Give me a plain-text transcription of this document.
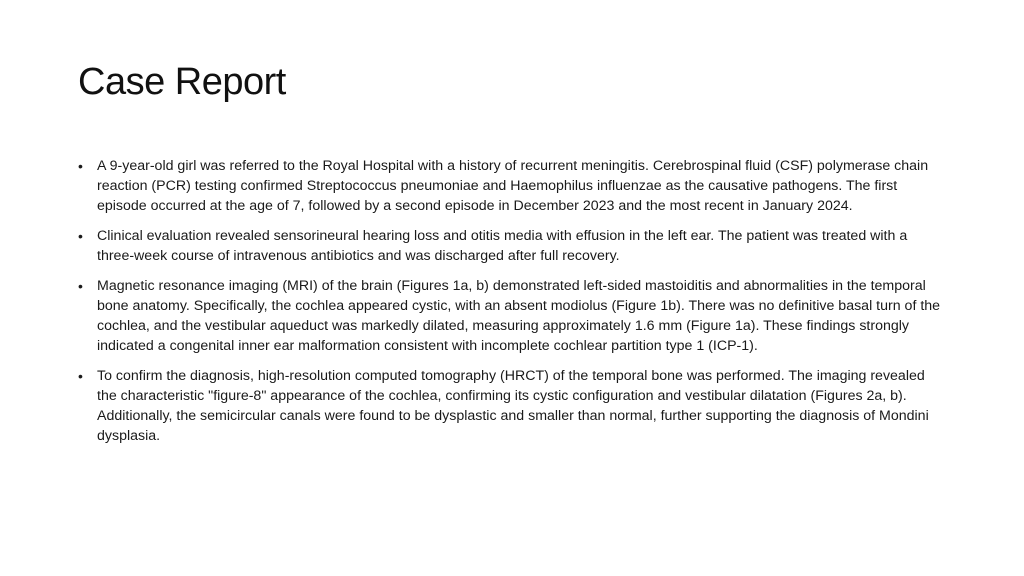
Case Report
• A 9-year-old girl was referred to the Royal Hospital with a history of recurrent meningitis. Cerebrospinal fluid (CSF) polymerase chain reaction (PCR) testing confirmed Streptococcus pneumoniae and Haemophilus influenzae as the causative pathogens. The first episode occurred at the age of 7, followed by a second episode in December 2023 and the most recent in January 2024.
• Clinical evaluation revealed sensorineural hearing loss and otitis media with effusion in the left ear. The patient was treated with a three-week course of intravenous antibiotics and was discharged after full recovery.
• Magnetic resonance imaging (MRI) of the brain (Figures 1a, b) demonstrated left-sided mastoiditis and abnormalities in the temporal bone anatomy. Specifically, the cochlea appeared cystic, with an absent modiolus (Figure 1b). There was no definitive basal turn of the cochlea, and the vestibular aqueduct was markedly dilated, measuring approximately 1.6 mm (Figure 1a). These findings strongly indicated a congenital inner ear malformation consistent with incomplete cochlear partition type 1 (ICP-1).
• To confirm the diagnosis, high-resolution computed tomography (HRCT) of the temporal bone was performed. The imaging revealed the characteristic "figure-8" appearance of the cochlea, confirming its cystic configuration and vestibular dilatation (Figures 2a, b). Additionally, the semicircular canals were found to be dysplastic and smaller than normal, further supporting the diagnosis of Mondini dysplasia.
